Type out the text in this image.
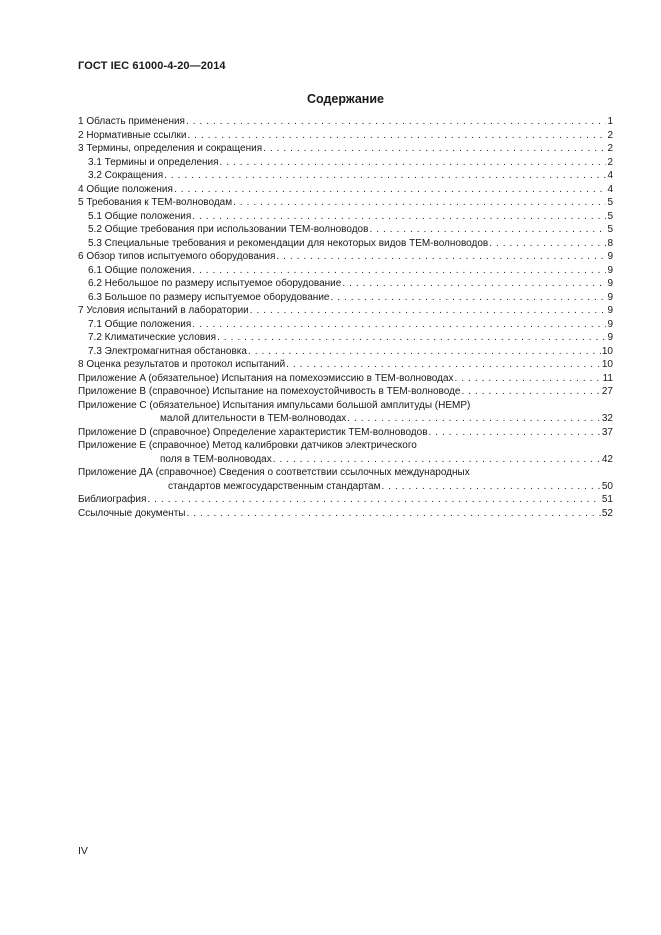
ГОСТ IEC 61000-4-20—2014
Содержание
1 Область применения . . .	1
2 Нормативные ссылки . . .	2
3 Термины, определения и сокращения . . .	2
3.1 Термины и определения . . .	2
3.2 Сокращения . . .	4
4 Общие положения . . .	4
5 Требования к ТЕМ-волноводам . . .	5
5.1 Общие положения . . .	5
5.2 Общие требования при использовании ТЕМ-волноводов . . .	5
5.3 Специальные требования и рекомендации для некоторых видов ТЕМ-волноводов . . .	8
6 Обзор типов испытуемого оборудования . . .	9
6.1 Общие положения . . .	9
6.2 Небольшое по размеру испытуемое оборудование . . .	9
6.3 Большое по размеру испытуемое оборудование . . .	9
7 Условия испытаний в лаборатории . . .	9
7.1 Общие положения . . .	9
7.2 Климатические условия . . .	9
7.3 Электромагнитная обстановка . . .	10
8 Оценка результатов и протокол испытаний . . .	10
Приложение A (обязательное) Испытания на помехоэмиссию в ТЕМ-волноводах . . .	11
Приложение B (справочное) Испытание на помехоустойчивость в ТЕМ-волноводе . . .	27
Приложение C (обязательное) Испытания импульсами большой амплитуды (HEMP)
малой длительности в ТЕМ-волноводах . . .	32
Приложение D (справочное) Определение характеристик ТЕМ-волноводов . . .	37
Приложение E (справочное) Метод калибровки датчиков электрического
поля в ТЕМ-волноводах . . .	42
Приложение ДА (справочное) Сведения о соответствии ссылочных международных
стандартов межгосударственным стандартам . . .	50
Библиография . . .	51
Ссылочные документы . . .	52
IV
